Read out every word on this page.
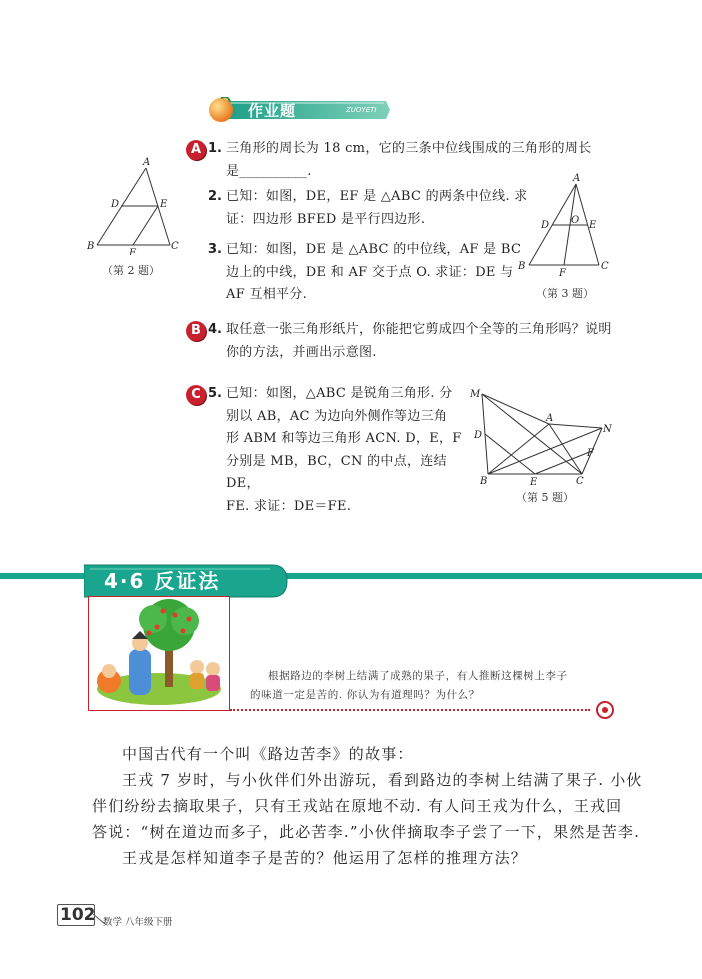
作业题	ZUOYETI
A 1. 三角形的周长为 18 cm，它的三条中位线围成的三角形的周长
是__________.
2. 已知：如图，DE，EF 是 △ABC 的两条中位线. 求
证：四边形 BFED 是平行四边形.
3. 已知：如图，DE 是 △ABC 的中位线，AF 是 BC
边上的中线，DE 和 AF 交于点 O. 求证：DE 与
AF 互相平分.
A
D	E
B	C
F
（第 2 题）
A
D O E
B	C
F
（第 3 题）
B 4. 取任意一张三角形纸片，你能把它剪成四个全等的三角形吗？说明
你的方法，并画出示意图.
C 5. 已知：如图，△ABC 是锐角三角形. 分
别以 AB，AC 为边向外侧作等边三角
形 ABM 和等边三角形 ACN. D，E，F
分别是 MB，BC，CN 的中点，连结 DE，
FE. 求证：DE＝FE.
M
A
N
D
F
B	E	C
（第 5 题）
4·6 反证法
根据路边的李树上结满了成熟的果子，有人推断这棵树上李子
的味道一定是苦的. 你认为有道理吗？为什么？
中国古代有一个叫《路边苦李》的故事：
王戎 7 岁时，与小伙伴们外出游玩，看到路边的李树上结满了果子. 小伙
伴们纷纷去摘取果子，只有王戎站在原地不动. 有人问王戎为什么，王戎回
答说：“树在道边而多子，此必苦李.”小伙伴摘取李子尝了一下，果然是苦李.
王戎是怎样知道李子是苦的？他运用了怎样的推理方法？
102 数学 八年级下册
